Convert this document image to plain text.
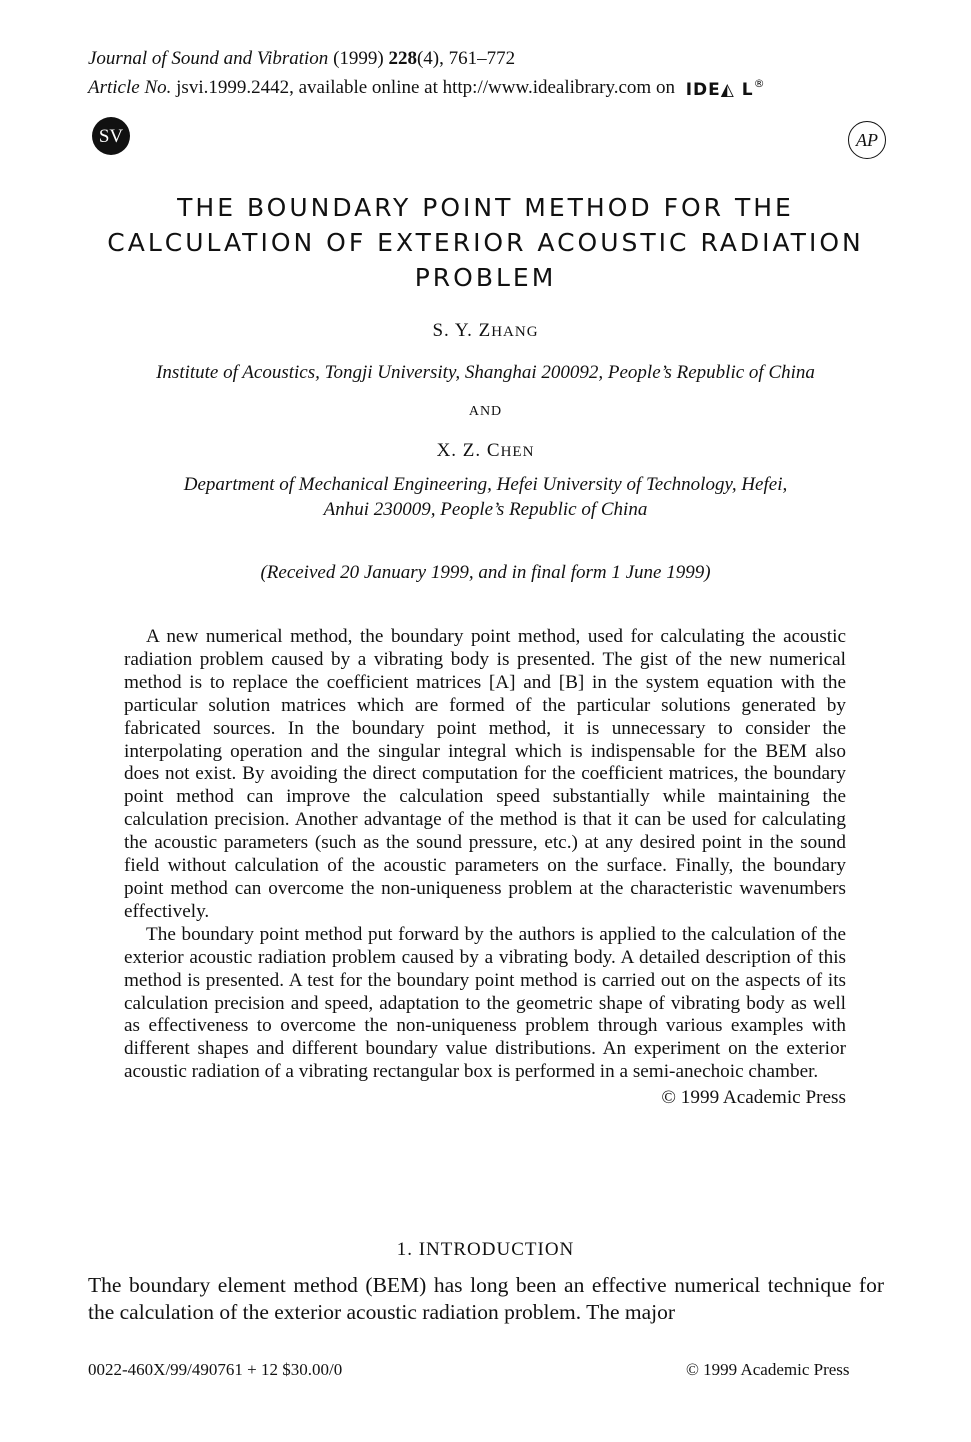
Journal of Sound and Vibration (1999) 228(4), 761–772
Article No. jsvi.1999.2442, available online at http://www.idealibrary.com on IDE◭ L®
SV	AP
THE BOUNDARY POINT METHOD FOR THE
CALCULATION OF EXTERIOR ACOUSTIC RADIATION
PROBLEM
S. Y. ZHANG
Institute of Acoustics, Tongji University, Shanghai 200092, People’s Republic of China
AND
X. Z. CHEN
Department of Mechanical Engineering, Hefei University of Technology, Hefei,
Anhui 230009, People’s Republic of China
(Received 20 January 1999, and in final form 1 June 1999)

A new numerical method, the boundary point method, used for calculating the acoustic radiation problem caused by a vibrating body is presented. The gist of the new numerical method is to replace the coefficient matrices [A] and [B] in the system equation with the particular solution matrices which are formed of the particular solutions generated by fabricated sources. In the boundary point method, it is unnecessary to consider the interpolating operation and the singular integral which is indispensable for the BEM also does not exist. By avoiding the direct computation for the coefficient matrices, the boundary point method can improve the calculation speed substantially while maintaining the calculation precision. Another advantage of the method is that it can be used for calculating the acoustic parameters (such as the sound pressure, etc.) at any desired point in the sound field without calculation of the acoustic parameters on the surface. Finally, the boundary point method can overcome the non-uniqueness problem at the characteristic wavenumbers effectively.

The boundary point method put forward by the authors is applied to the calculation of the exterior acoustic radiation problem caused by a vibrating body. A detailed description of this method is presented. A test for the boundary point method is carried out on the aspects of its calculation precision and speed, adaptation to the geometric shape of vibrating body as well as effectiveness to overcome the non-uniqueness problem through various examples with different shapes and different boundary value distributions. An experiment on the exterior acoustic radiation of a vibrating rectangular box is performed in a semi-anechoic chamber.

© 1999 Academic Press

1. INTRODUCTION
The boundary element method (BEM) has long been an effective numerical technique for the calculation of the exterior acoustic radiation problem. The major
0022-460X/99/490761 + 12 $30.00/0	© 1999 Academic Press
